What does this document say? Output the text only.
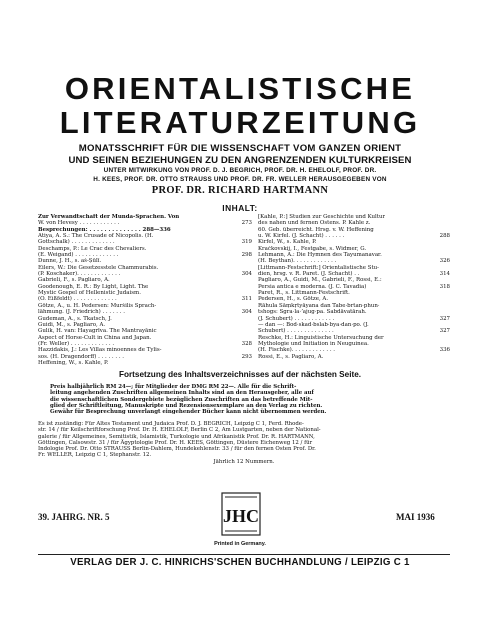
ORIENTALISTISCHE
LITERATURZEITUNG
MONATSSCHRIFT FÜR DIE WISSENSCHAFT VOM GANZEN ORIENT
UND SEINEN BEZIEHUNGEN ZU DEN ANGRENZENDEN KULTURKREISEN
UNTER MITWIRKUNG VON PROF. D. J. BEGRICH, PROF. DR. H. EHELOLF, PROF. DR.
H. KEES, PROF. DR. OTTO STRAUSS UND PROF. DR. FR. WELLER HERAUSGEGEBEN VON
PROF. DR. RICHARD HARTMANN
INHALT:
Zur Verwandtschaft der Munda-Sprachen. Von
W. von Hevesy . . . . . . . . . . . .	273
Besprechungen: . . . . . . . . . . . . . . 288—336
Atiya, A. S.: The Crusade of Nicopolis. (H.
Gottschalk) . . . . . . . . . . . . .	319
Deschamps, P.: Le Crac des Chevaliers.
(E. Weigand) . . . . . . . . . . . . .	298
Dunne, J. H., s. aš-Ṣūlī.
Eilers, W.: Die Gesetzesstele Chammurabis.
(P. Koschaker). . . . . . . . . . . . .	304
Gabrieli, F., s. Pagliaro, A.
Goodenough, E. R.: By Light, Light. The
Mystic Gospel of Hellenistic Judaism.
(O. Eißfeldt) . . . . . . . . . . . . .	311
Götze, A., u. H. Pedersen: Muršilis Sprach-
lähmung. (J. Friedrich) . . . . . . .	304
Gudeman, A., s. Tkatsch, J.
Guidi, M., s. Pagliaro, A.
Gulik, H. van: Hayagrīva. The Mantrayānic
Aspect of Horse-Cult in China and Japan.
(Fr. Weller) . . . . . . . . . . . . .	328
Hazzidakis, J.: Les Villas minoennes de Tylis-
sos. (H. Dragendorff) . . . . . . . .	293
Heffening, W., s. Kahle, P.
[Kahle, P.:] Studien zur Geschichte und Kultur
des nahen und fernen Ostens. P. Kahle z.
60. Geb. überreicht. Hrsg. v. W. Heffening
u. W. Kirfel. (J. Schacht) . . . . . .	288
Kirfel, W., s. Kahle, P.
Kračkovskij, I., Festgabe, s. Widmer, G.
Lehmann, A.: Die Hymnen des Tayumanavar.
(H. Beythan). . . . . . . . . . . . .	326
[Littmann-Festschrift:] Orientalistische Stu-
dien, hrsg. v. R. Paret. (J. Schacht) . .	314
Pagliaro, A., Guidi, M., Gabrieli, F., Rossi, E.:
Persia antica e moderna. (J. C. Tavadia)	318
Paret, R., s. Littmann-Festschrift.
Pedersen, H., s. Götze, A.
Rāhula Sāṃkṛtyāyana dan Tabe·brtan·phun·
tshogs: Sgra·la·ʼajug·pa. Sabdāvatārah.
(J. Schubert) . . . . . . . . . . . .	327
— dan —: Bod·skad·bslab·bya·dan·po. (J.
Schubert) . . . . . . . . . . . . . .	327
Reschke, H.: Linguistische Untersuchung der
Mythologie und Initiation in Neuguinea.
(H. Fischke). . . . . . . . . . . . .	336
Rossi, E., s. Pagliaro, A.
Fortsetzung des Inhaltsverzeichnisses auf der nächsten Seite.
Preis halbjährlich RM 24—; für Mitglieder der DMG RM 22—. Alle für die Schrift-
leitung angehenden Zuschriften allgemeinen Inhalts sind an den Herausgeber, alle auf
die wissenschaftlichen Sondergebiete bezüglichen Zuschriften an das betreffende Mit-
glied der Schriftleitung, Manuskripte und Rezensionsexemplare an den Verlag zu richten.
Gewähr für Besprechung unverlangt eingehender Bücher kann nicht übernommen werden.
Es ist zuständig: Für Altes Testament und Judaica Prof. D. J. BEGRICH, Leipzig C 1, Ferd. Rhode-
str. 14 / für Keilschriftforschung Prof. Dr. H. EHELOLF, Berlin C 2, Am Lustgarten, neben der National-
galerie / für Allgemeines, Semitistik, Islamistik, Turkologie und Afrikanistik Prof. Dr. R. HARTMANN,
Göttingen, Calsowstr. 31 / für Ägyptologie Prof. Dr. H. KEES, Göttingen, Düstere Eichenweg 12 / für
Indologie Prof. Dr. Otto STRAUSS Berlin-Dahlem, Hundekehlenstr. 33 / für den fernen Osten Prof. Dr.
Fr. WELLER, Leipzig C 1, Stephanstr. 12.
Jährlich 12 Nummern.
39. JAHRG. NR. 5	MAI 1936
JHC
Printed in Germany.
VERLAG DER J. C. HINRICHS'SCHEN BUCHHANDLUNG / LEIPZIG C 1
